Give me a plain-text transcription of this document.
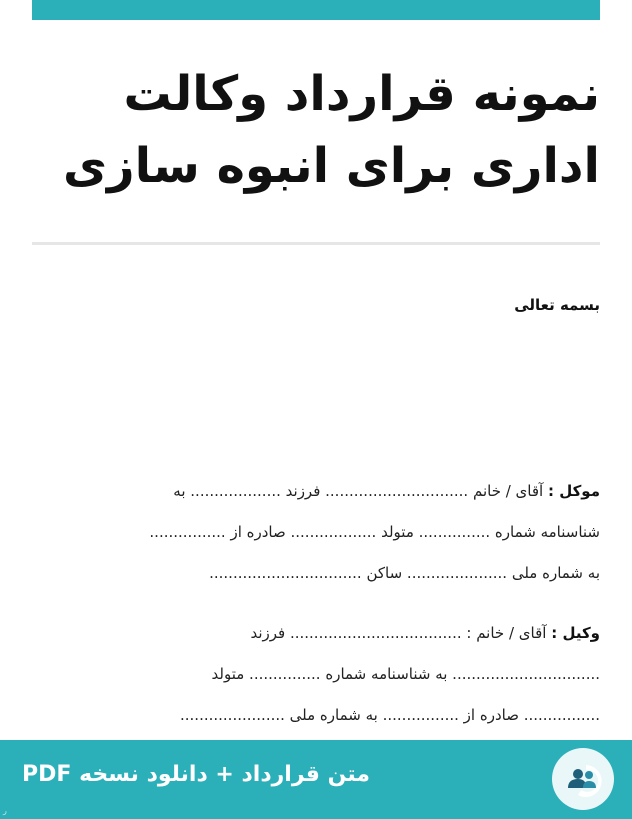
نمونه قرارداد وکالت
اداری برای انبوه سازی
بسمه تعالی

موکل : آقای / خانم .............................. فرزند ................... به
شناسنامه شماره ............... متولد .................. صادره از ................
به شماره ملی ..................... ساکن ................................

وکیل : آقای / خانم : .................................... فرزند
............................... به شناسنامه شماره ............... متولد
................ صادره از ................ به شماره ملی ......................

متن قرارداد + دانلود نسخه PDF
ر
